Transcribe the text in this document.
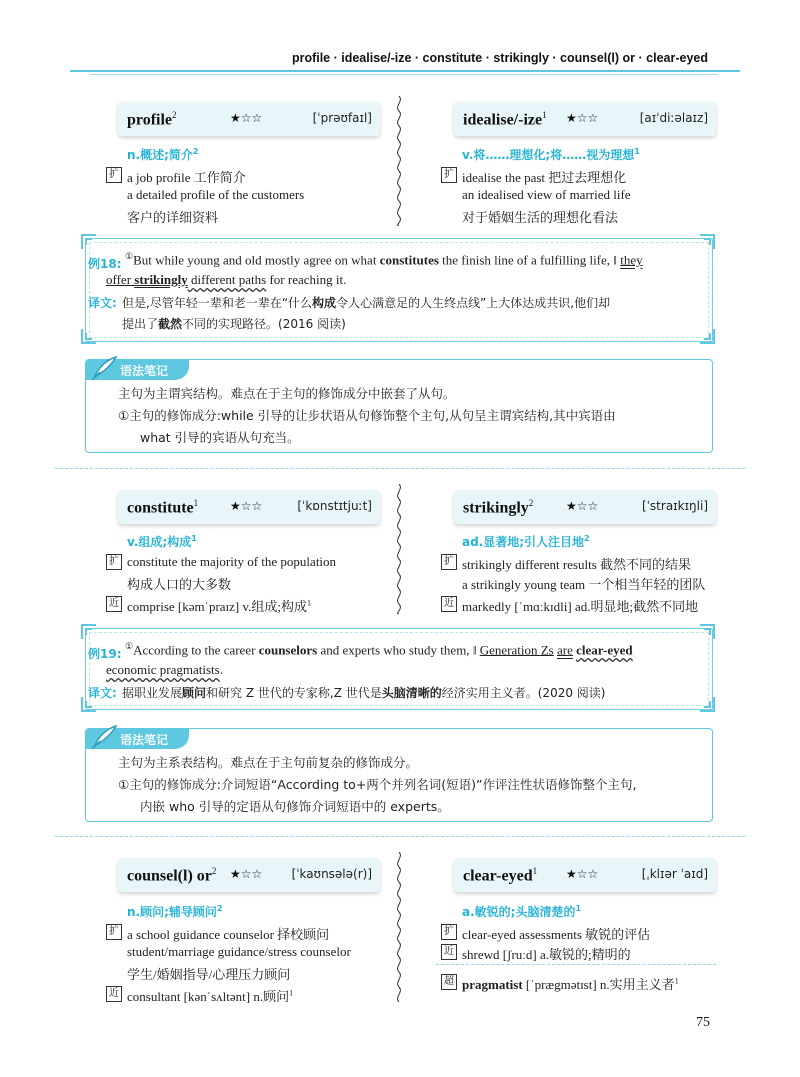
profile · idealise/-ize · constitute · strikingly · counsel(l) or · clear-eyed
profile$^2$	★☆☆	[ˈprəʊfaɪl]
n.概述;简介$^2$
扩 a job profile 工作简介
a detailed profile of the customers
客户的详细资料
idealise/-ize$^1$ ★☆☆	[aɪˈdiːəlaɪz]
v.将……理想化;将……视为理想$^1$
扩 idealise the past 把过去理想化
an idealised view of married life
对于婚姻生活的理想化看法
例18:
①But while young and old mostly agree on what constitutes the finish line of a fulfilling life, ‖ they
offer strikingly different paths for reaching it.
译文: 但是,尽管年轻一辈和老一辈在“什么构成令人心满意足的人生终点线”上大体达成共识,他们却
提出了截然不同的实现路径。(2016 阅读)
语法笔记
主句为主谓宾结构。难点在于主句的修饰成分中嵌套了从句。
①主句的修饰成分:while 引导的让步状语从句修饰整个主句,从句呈主谓宾结构,其中宾语由
what 引导的宾语从句充当。
constitute$^1$	★☆☆	[ˈkɒnstɪtjuːt]
v.组成;构成$^1$
扩 constitute the majority of the population
构成人口的大多数
近 comprise [kəmˈpraɪz] v.组成;构成$^1$
strikingly$^2$	★☆☆	[ˈstraɪkɪŋli]
ad.显著地;引人注目地$^2$
扩 strikingly different results 截然不同的结果
a strikingly young team 一个相当年轻的团队
近 markedly [ˈmɑːkɪdli] ad.明显地;截然不同地
例19:
①According to the career counselors and experts who study them, ‖ Generation Zs are clear-eyed
economic pragmatists.
译文: 据职业发展顾问和研究 Z 世代的专家称,Z 世代是头脑清晰的经济实用主义者。(2020 阅读)
语法笔记
主句为主系表结构。难点在于主句前复杂的修饰成分。
①主句的修饰成分:介词短语“According to+两个并列名词(短语)”作评注性状语修饰整个主句,
内嵌 who 引导的定语从句修饰介词短语中的 experts。
counsel(l) $or^2$ ★☆☆ [ˈkaʊnsələ(r)]
n.顾问;辅导顾问$^2$
扩 a school guidance counselor 择校顾问
student/marriage guidance/stress counselor
学生/婚姻指导/心理压力顾问
近 consultant [kənˈsʌltənt] n.顾问$^1$
clear-eyed$^1$ ★☆☆	[ˌklɪər ˈaɪd]
a.敏锐的;头脑清楚的$^1$
扩 clear-eyed assessments 敏锐的评估
近 shrewd [ʃruːd] a.敏锐的;精明的
超 pragmatist [ˈprægmətɪst] n.实用主义者$^1$
75
